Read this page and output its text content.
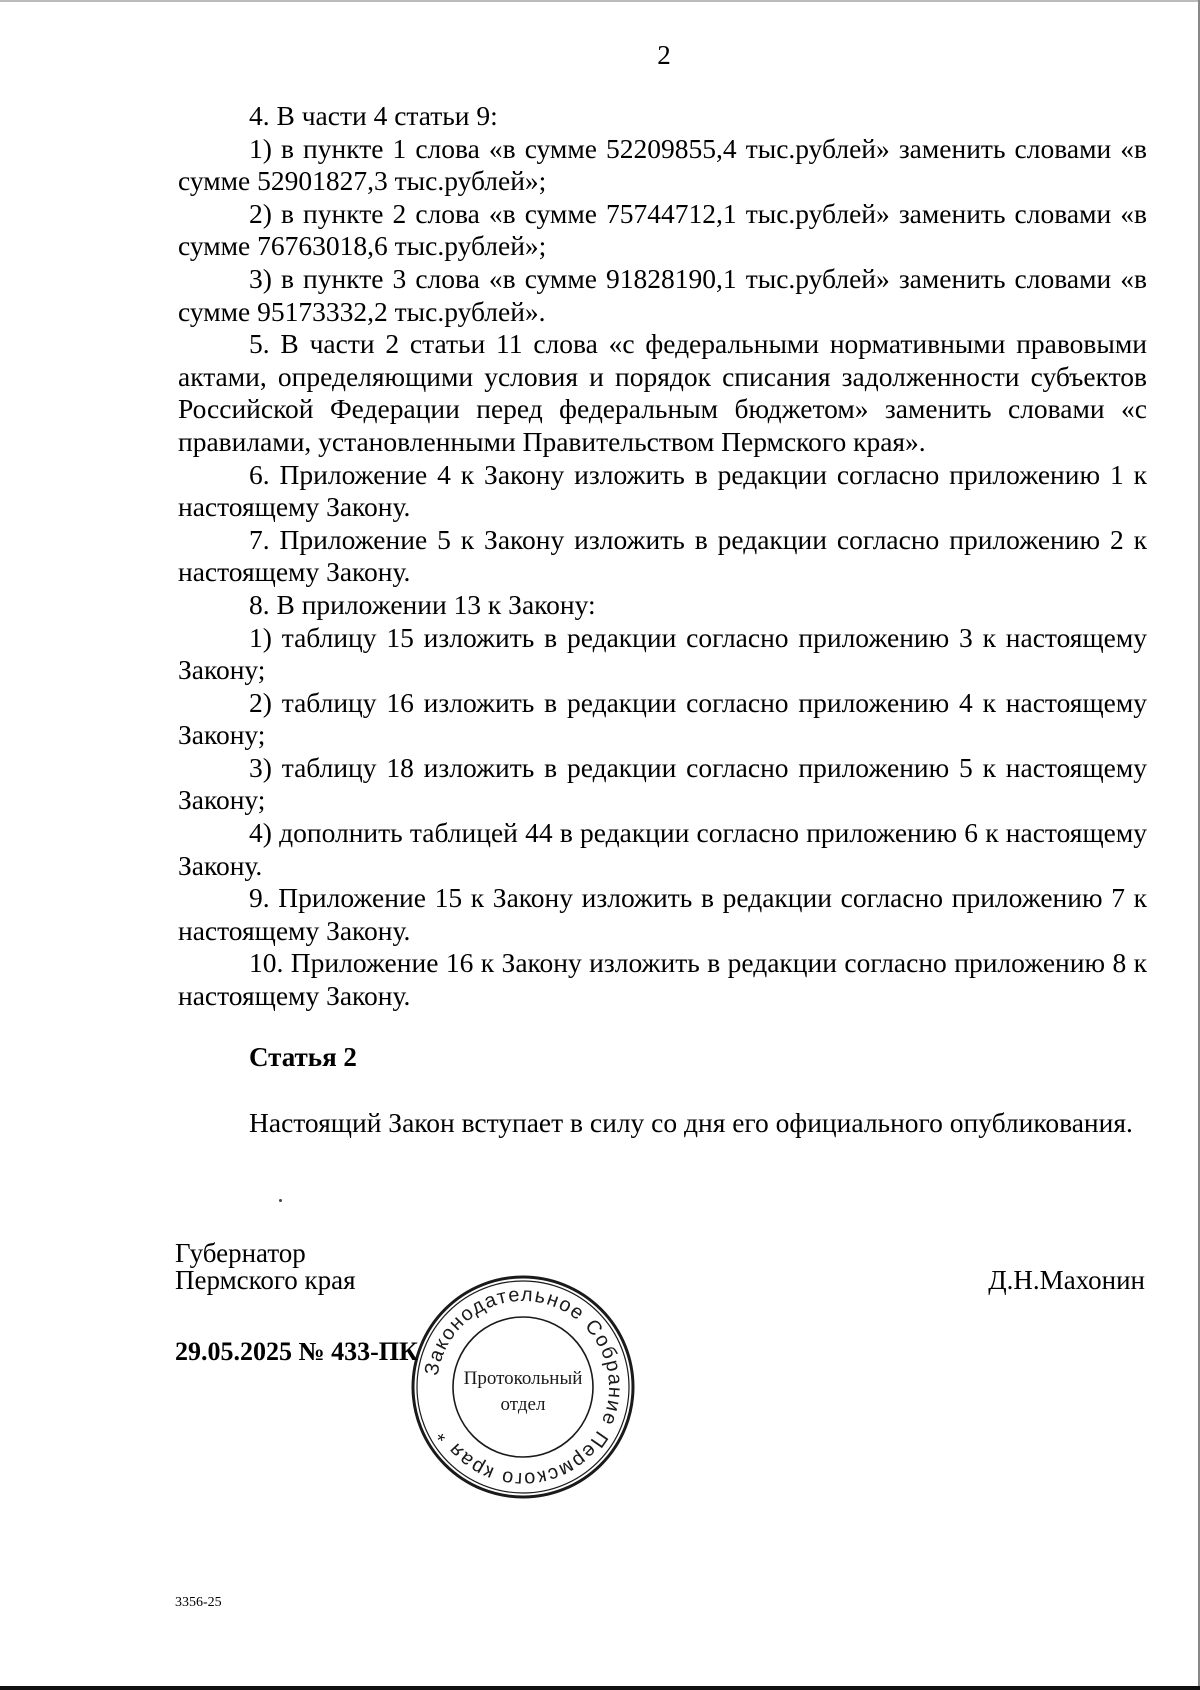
2

4. В части 4 статьи 9:

1) в пункте 1 слова «в сумме 52209855,4 тыс.рублей» заменить словами «в сумме 52901827,3 тыс.рублей»;

2) в пункте 2 слова «в сумме 75744712,1 тыс.рублей» заменить словами «в сумме 76763018,6 тыс.рублей»;

3) в пункте 3 слова «в сумме 91828190,1 тыс.рублей» заменить словами «в сумме 95173332,2 тыс.рублей».

5. В части 2 статьи 11 слова «с федеральными нормативными правовыми актами, определяющими условия и порядок списания задолженности субъектов Российской Федерации перед федеральным бюджетом» заменить словами «с правилами, установленными Правительством Пермского края».

6. Приложение 4 к Закону изложить в редакции согласно приложению 1 к настоящему Закону.

7. Приложение 5 к Закону изложить в редакции согласно приложению 2 к настоящему Закону.

8. В приложении 13 к Закону:

1) таблицу 15 изложить в редакции согласно приложению 3 к настоящему Закону;

2) таблицу 16 изложить в редакции согласно приложению 4 к настоящему Закону;

3) таблицу 18 изложить в редакции согласно приложению 5 к настоящему Закону;

4) дополнить таблицей 44 в редакции согласно приложению 6 к настоящему Закону.

9. Приложение 15 к Закону изложить в редакции согласно приложению 7 к настоящему Закону.

10. Приложение 16 к Закону изложить в редакции согласно приложению 8 к настоящему Закону.

Статья 2

Настоящий Закон вступает в силу со дня его официального опубликования.

Губернатор
Пермского края	Д.Н.Махонин
Законодательное Собрание Пермского края *
Протокольный
отдел
29.05.2025 № 433-ПК
3356-25
